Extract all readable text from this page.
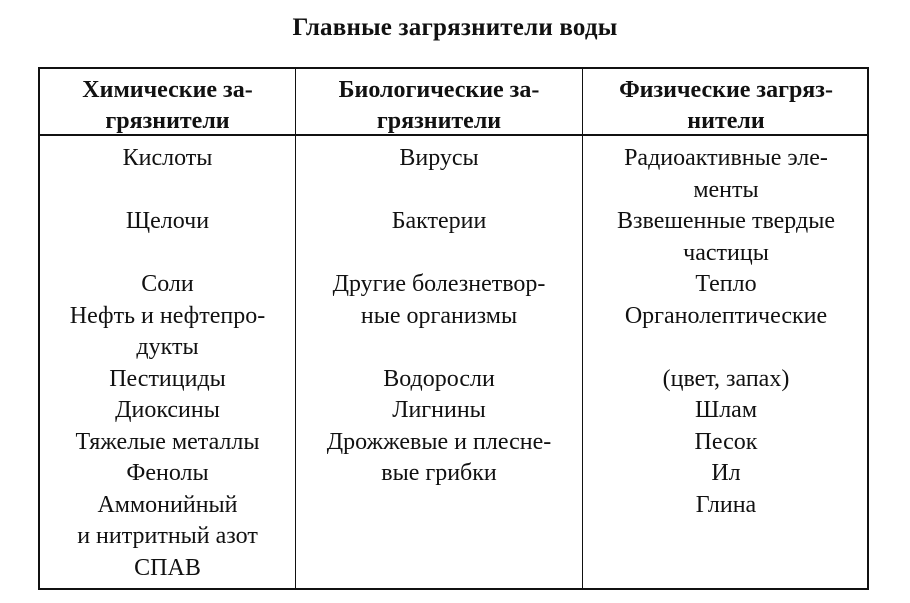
Главные загрязнители воды
Химические за-
грязнители
Биологические за-
грязнители
Физические загряз-
нители
Кислоты

Щелочи

Соли
Нефть и нефтепро-
дукты
Пестициды
Диоксины
Тяжелые металлы
Фенолы
Аммонийный
и нитритный азот
СПАВ
Вирусы

Бактерии

Другие болезнетвор-
ные организмы

Водоросли
Лигнины
Дрожжевые и плесне-
вые грибки
Радиоактивные эле-
менты
Взвешенные твердые
частицы
Тепло
Органолептические

(цвет, запах)
Шлам
Песок
Ил
Глина
